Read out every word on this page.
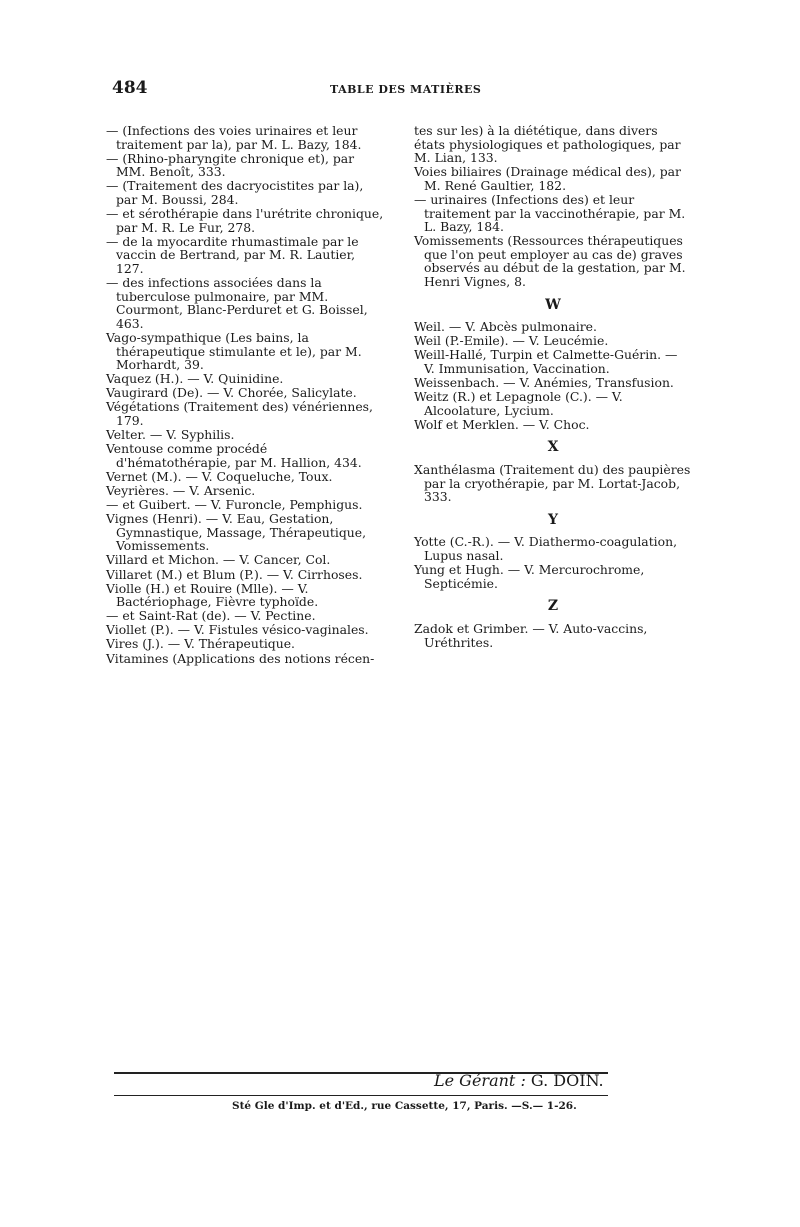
484	TABLE DES MATIÈRES

— (Infections des voies urinaires et leur traitement par la), par M. L. Bazy, 184.

— (Rhino-pharyngite chronique et), par MM. Benoît, 333.

— (Traitement des dacryocistites par la), par M. Boussi, 284.

— et sérothérapie dans l'urétrite chronique, par M. R. Le Fur, 278.

— de la myocardite rhumastimale par le vaccin de Bertrand, par M. R. Lautier, 127.

— des infections associées dans la tuberculose pulmonaire, par MM. Courmont, Blanc-Perduret et G. Boissel, 463.

Vago-sympathique (Les bains, la thérapeutique stimulante et le), par M. Morhardt, 39.

Vaquez (H.). — V. Quinidine.

Vaugirard (De). — V. Chorée, Salicylate.

Végétations (Traitement des) vénériennes, 179.

Velter. — V. Syphilis.

Ventouse comme procédé d'hématothérapie, par M. Hallion, 434.

Vernet (M.). — V. Coqueluche, Toux.

Veyrières. — V. Arsenic.

— et Guibert. — V. Furoncle, Pemphigus.

Vignes (Henri). — V. Eau, Gestation, Gymnastique, Massage, Thérapeutique, Vomissements.

Villard et Michon. — V. Cancer, Col.

Villaret (M.) et Blum (P.). — V. Cirrhoses.

Violle (H.) et Rouire (Mlle). — V. Bactériophage, Fièvre typhoïde.

— et Saint-Rat (de). — V. Pectine.

Viollet (P.). — V. Fistules vésico-vaginales.

Vires (J.). — V. Thérapeutique.

Vitamines (Applications des notions récen-

tes sur les) à la diététique, dans divers états physiologiques et pathologiques, par M. Lian, 133.

Voies biliaires (Drainage médical des), par M. René Gaultier, 182.

— urinaires (Infections des) et leur traitement par la vaccinothérapie, par M. L. Bazy, 184.

Vomissements (Ressources thérapeutiques que l'on peut employer au cas de) graves observés au début de la gestation, par M. Henri Vignes, 8.

W

Weil. — V. Abcès pulmonaire.

Weil (P.-Emile). — V. Leucémie.

Weill-Hallé, Turpin et Calmette-Guérin. — V. Immunisation, Vaccination.

Weissenbach. — V. Anémies, Transfusion.

Weitz (R.) et Lepagnole (C.). — V. Alcoolature, Lycium.

Wolf et Merklen. — V. Choc.

X

Xanthélasma (Traitement du) des paupières par la cryothérapie, par M. Lortat-Jacob, 333.

Y

Yotte (C.-R.). — V. Diathermo-coagulation, Lupus nasal.

Yung et Hugh. — V. Mercurochrome, Septicémie.

Z

Zadok et Grimber. — V. Auto-vaccins, Uréthrites.

Le Gérant : G. DOIN.
Sté Gle d'Imp. et d'Ed., rue Cassette, 17, Paris. —S.— 1-26.
